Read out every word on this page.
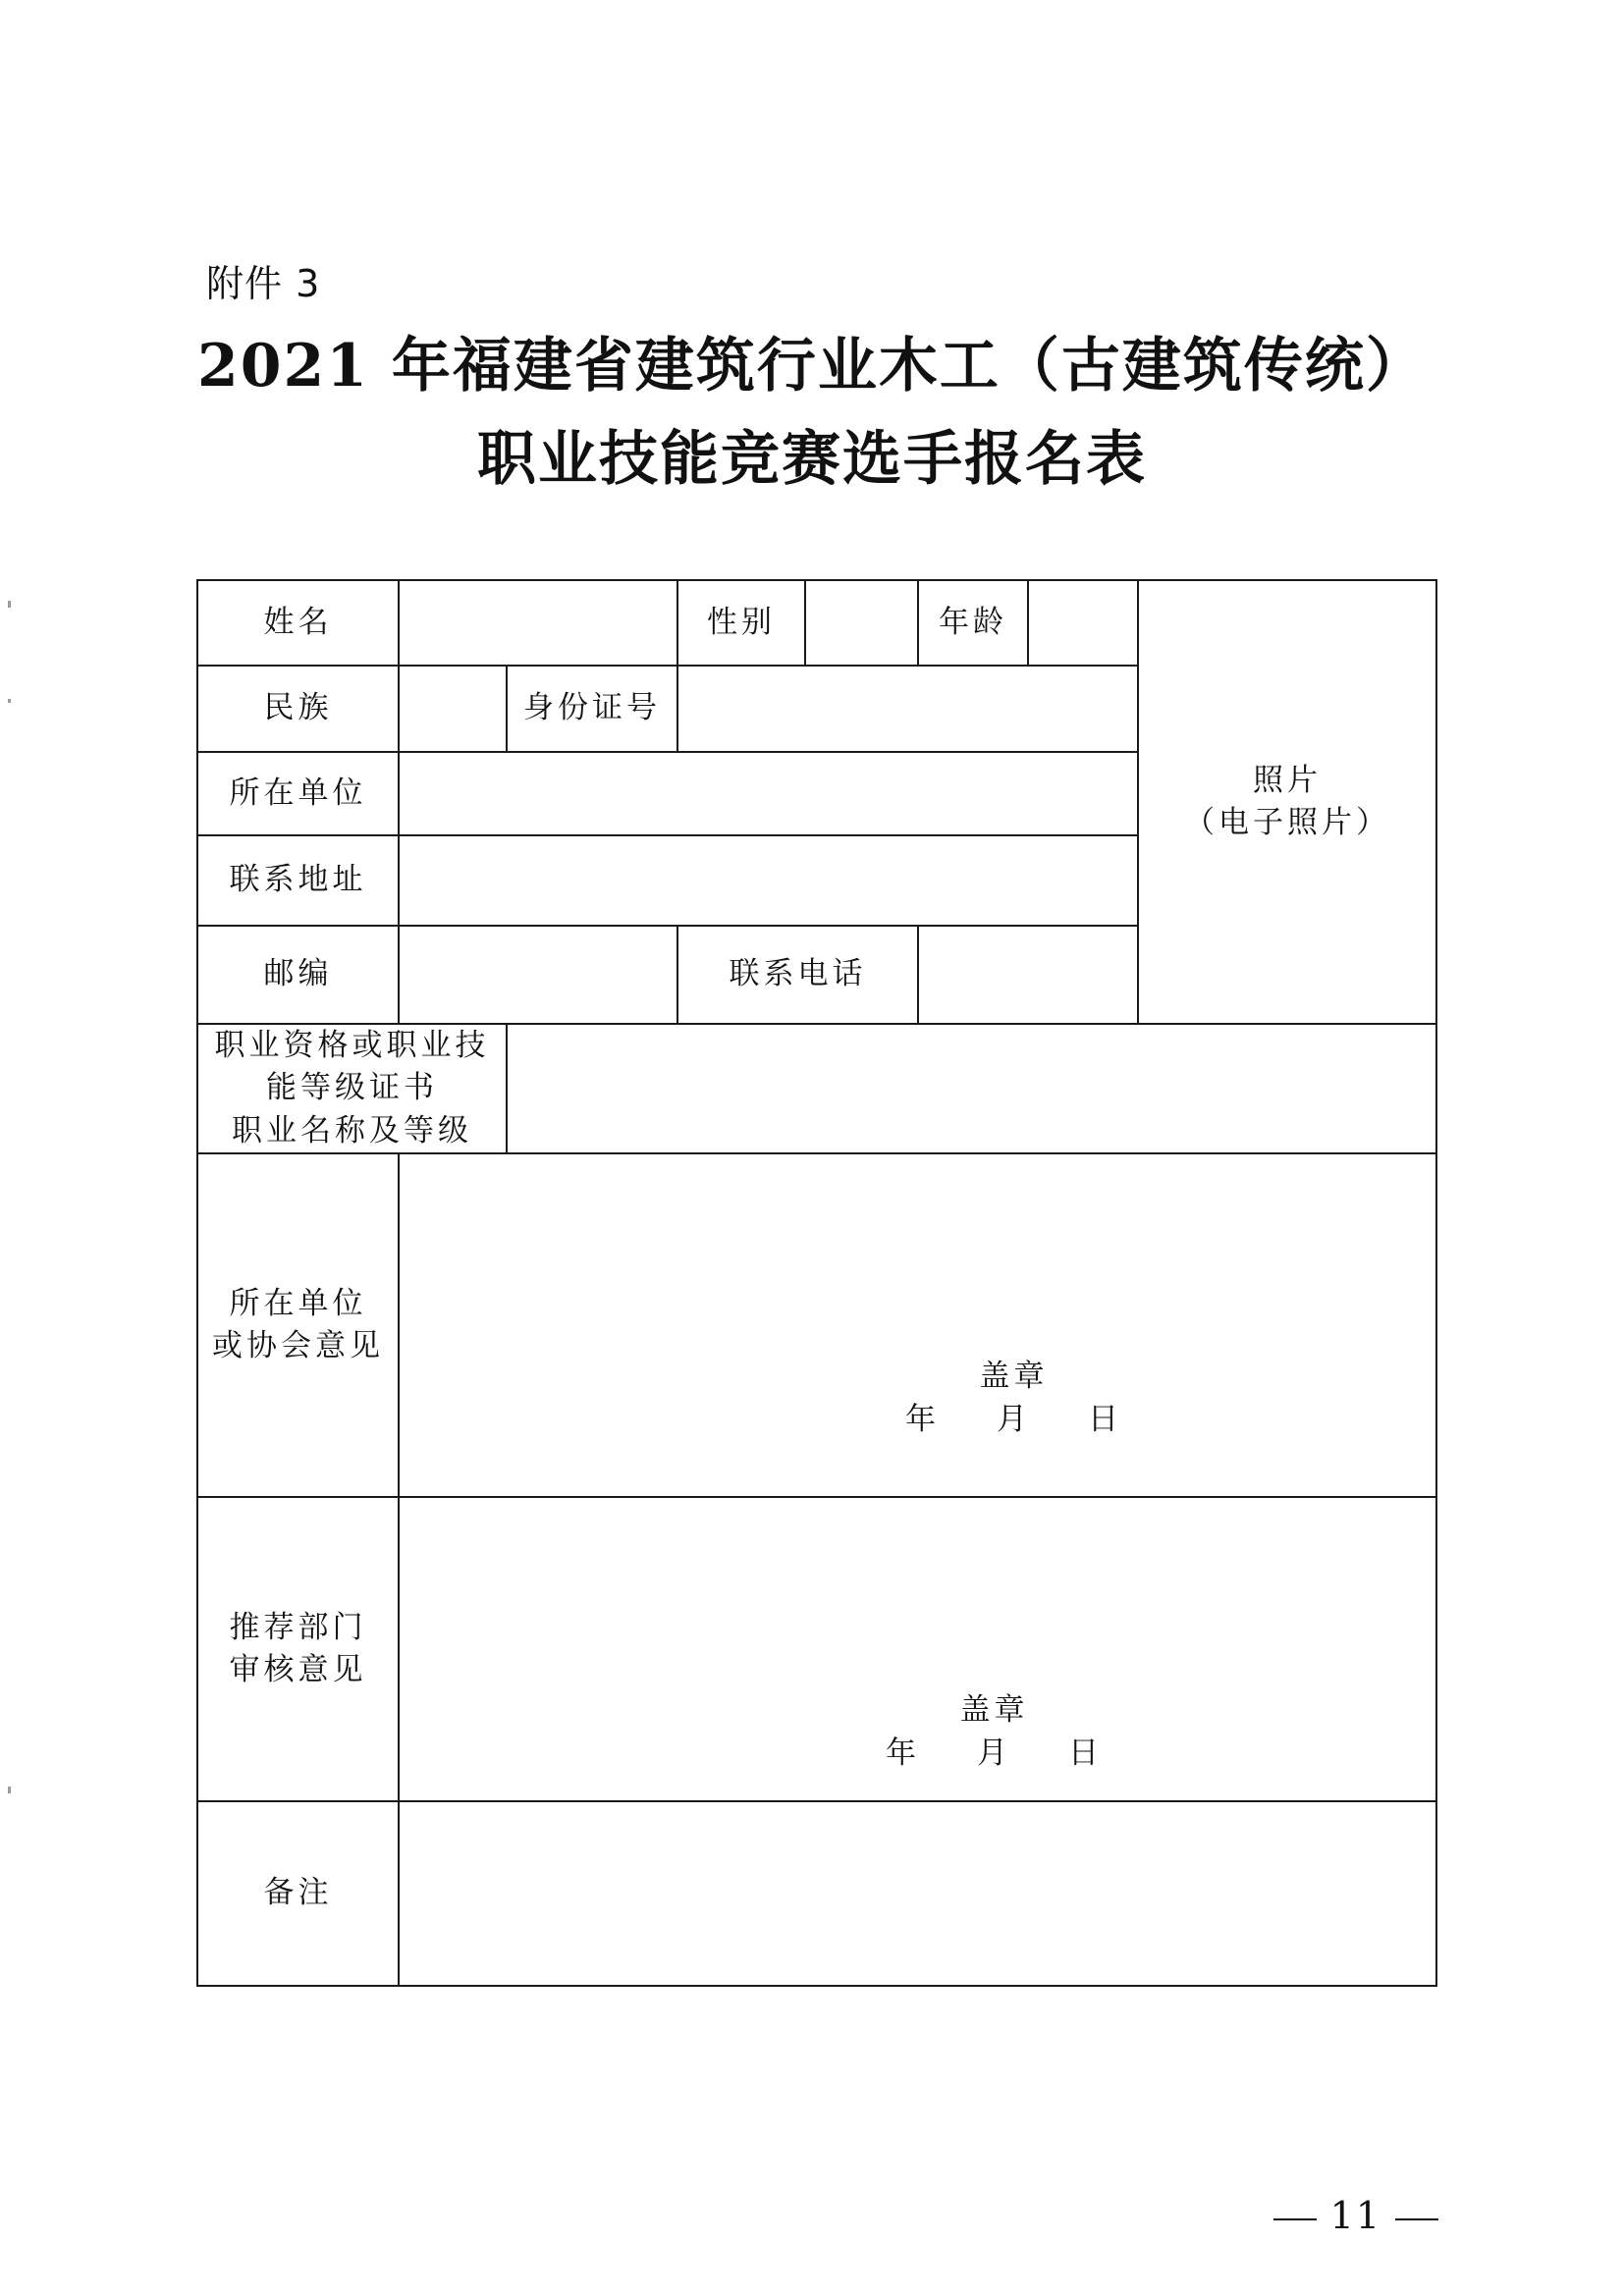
附件 3
2021 年福建省建筑行业木工（古建筑传统）
职业技能竞赛选手报名表
姓名			性别		年龄		照片
（电子照片）

民族		身份证号					
所在单位							
联系地址							
邮编			联系电话				

职业资格或职业技
能等级证书
职业名称及等级							

所在单位
或协会意见	盖章
年 月 日						

推荐部门
审核意见	盖章
年 月 日						

备注							
11
